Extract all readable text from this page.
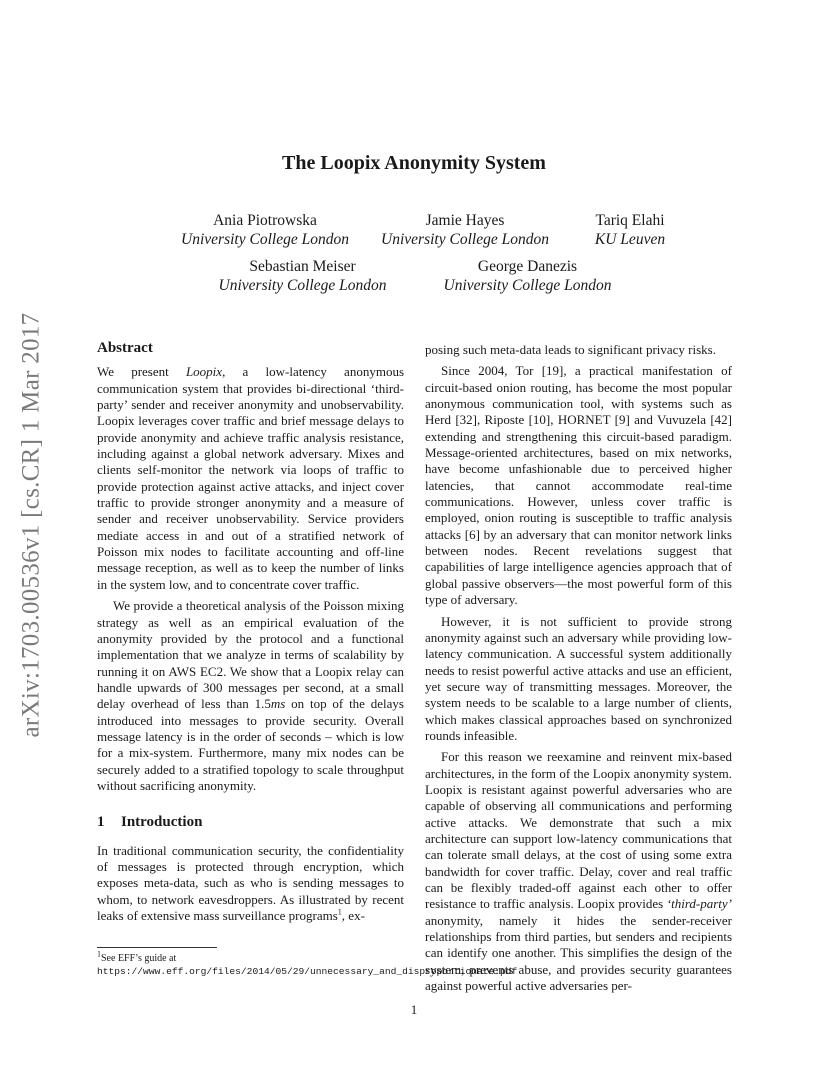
arXiv:1703.00536v1 [cs.CR] 1 Mar 2017
The Loopix Anonymity System
Ania Piotrowska
University College London
Jamie Hayes
University College London
Tariq Elahi
KU Leuven
Sebastian Meiser
University College London
George Danezis
University College London
Abstract

We present Loopix, a low-latency anonymous communication system that provides bi-directional ‘third-party’ sender and receiver anonymity and unobservability. Loopix leverages cover traffic and brief message delays to provide anonymity and achieve traffic analysis resistance, including against a global network adversary. Mixes and clients self-monitor the network via loops of traffic to provide protection against active attacks, and inject cover traffic to provide stronger anonymity and a measure of sender and receiver unobservability. Service providers mediate access in and out of a stratified network of Poisson mix nodes to facilitate accounting and off-line message reception, as well as to keep the number of links in the system low, and to concentrate cover traffic.

We provide a theoretical analysis of the Poisson mixing strategy as well as an empirical evaluation of the anonymity provided by the protocol and a functional implementation that we analyze in terms of scalability by running it on AWS EC2. We show that a Loopix relay can handle upwards of 300 messages per second, at a small delay overhead of less than 1.5ms on top of the delays introduced into messages to provide security. Overall message latency is in the order of seconds – which is low for a mix-system. Furthermore, many mix nodes can be securely added to a stratified topology to scale throughput without sacrificing anonymity.

1 Introduction

In traditional communication security, the confidentiality of messages is protected through encryption, which exposes meta-data, such as who is sending messages to whom, to network eavesdroppers. As illustrated by recent leaks of extensive mass surveillance programs$^1$, ex-

posing such meta-data leads to significant privacy risks.

Since 2004, Tor [19], a practical manifestation of circuit-based onion routing, has become the most popular anonymous communication tool, with systems such as Herd [32], Riposte [10], HORNET [9] and Vuvuzela [42] extending and strengthening this circuit-based paradigm. Message-oriented architectures, based on mix networks, have become unfashionable due to perceived higher latencies, that cannot accommodate real-time communications. However, unless cover traffic is employed, onion routing is susceptible to traffic analysis attacks [6] by an adversary that can monitor network links between nodes. Recent revelations suggest that capabilities of large intelligence agencies approach that of global passive observers—the most powerful form of this type of adversary.

However, it is not sufficient to provide strong anonymity against such an adversary while providing low-latency communication. A successful system additionally needs to resist powerful active attacks and use an efficient, yet secure way of transmitting messages. Moreover, the system needs to be scalable to a large number of clients, which makes classical approaches based on synchronized rounds infeasible.

For this reason we reexamine and reinvent mix-based architectures, in the form of the Loopix anonymity system. Loopix is resistant against powerful adversaries who are capable of observing all communications and performing active attacks. We demonstrate that such a mix architecture can support low-latency communications that can tolerate small delays, at the cost of using some extra bandwidth for cover traffic. Delay, cover and real traffic can be flexibly traded-off against each other to offer resistance to traffic analysis. Loopix provides ‘third-party’ anonymity, namely it hides the sender-receiver relationships from third parties, but senders and recipients can identify one another. This simplifies the design of the system, prevents abuse, and provides security guarantees against powerful active adversaries per-

$^1$See EFF’s guide at https://www.eff.org/files/2014/05/29/unnecessary_and_disproportionate.pdf
1
